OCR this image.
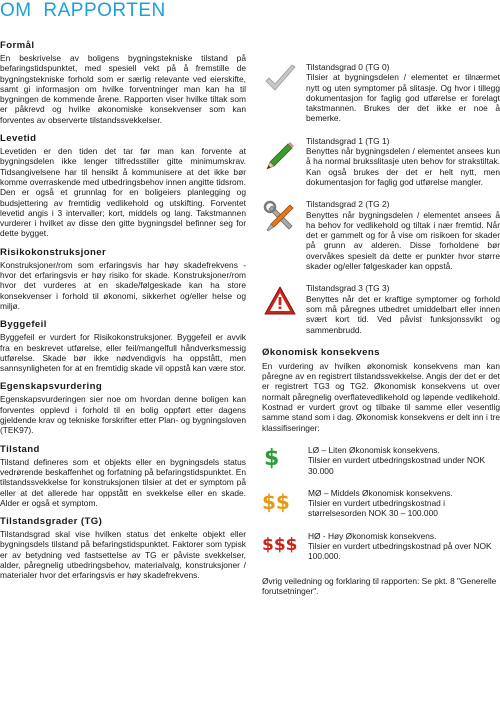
OM RAPPORTEN
Formål

En beskrivelse av boligens bygningstekniske tilstand på befaringstidspunktet, med spesiell vekt på å fremstille de bygningstekniske forhold som er særlig relevante ved eierskifte, samt gi informasjon om hvilke forventninger man kan ha til bygningen de kommende årene. Rapporten viser hvilke tiltak som er påkrevd og hvilke økonomiske konsekvenser som kan forventes av observerte tilstandssvekkelser.

Levetid

Levetiden er den tiden det tar før man kan forvente at bygningsdelen ikke lenger tilfredsstiller gitte minimumskrav. Tidsangivelsene har til hensikt å kommunisere at det ikke bør komme overraskende med utbedringsbehov innen angitte tidsrom. Den er også et grunnlag for en boligeiers planlegging og budsjettering av fremtidig vedlikehold og utskifting. Forventet levetid angis i 3 intervaller; kort, middels og lang. Takstmannen vurderer i hvilket av disse den gitte bygningsdel befinner seg for dette bygget.

Risikokonstruksjoner

Konstruksjoner/rom som erfaringsvis har høy skadefrekvens - hvor det erfaringsvis er høy risiko for skade. Konstruksjoner/rom hvor det vurderes at en skade/følgeskade kan ha store konsekvenser i forhold til økonomi, sikkerhet og/eller helse og miljø.

Byggefeil

Byggefeil er vurdert for Risikokonstruksjoner. Byggefeil er avvik fra en beskrevet utførelse, eller feil/mangelfull håndverksmessig utførelse. Skade bør ikke nødvendigvis ha oppstått, men sannsynligheten for at en fremtidig skade vil oppstå kan være stor.

Egenskapsvurdering

Egenskapsvurderingen sier noe om hvordan denne boligen kan forventes opplevd i forhold til en bolig oppført etter dagens gjeldende krav og tekniske forskrifter etter Plan- og bygningsloven (TEK97).

Tilstand

Tilstand defineres som et objekts eller en bygningsdels status vedrørende beskaffenhet og forfatning på befaringstidspunktet. En tilstandssvekkelse for konstruksjonen tilsier at det er symptom på eller at det allerede har oppstått en svekkelse eller en skade. Alder er også et symptom.

Tilstandsgrader (TG)

Tilstandsgrad skal vise hvilken status det enkelte objekt eller bygningsdels tilstand på befaringstidspunktet. Faktorer som typisk er av betydning ved fastsettelse av TG er påviste svekkelser, alder, påregnelig utbedringsbehov, materialvalg, konstruksjoner / materialer hvor det erfaringsvis er høy skadefrekvens.

Tilstandsgrad 0 (TG 0)

Tilsier at bygningsdelen / elementet er tilnærmet nytt og uten symptomer på slitasje. Og hvor i tillegg dokumentasjon for faglig god utførelse er forelagt takstmannen. Brukes der det ikke er noe å bemerke.

Tilstandsgrad 1 (TG 1)

Benyttes når bygningsdelen / elementet ansees kun å ha normal bruksslitasje uten behov for strakstiltak. Kan også brukes der det er helt nytt, men dokumentasjon for faglig god utførelse mangler.

Tilstandsgrad 2 (TG 2)

Benyttes når bygningsdelen / elementet ansees å ha behov for vedlikehold og tiltak i nær fremtid. Når det er gammelt og for å vise om risikoen for skader på grunn av alderen. Disse forholdene bør overvåkes spesielt da dette er punkter hvor større skader og/eller følgeskader kan oppstå.

Tilstandsgrad 3 (TG 3)

Benyttes når det er kraftige symptomer og forhold som må påregnes utbedret umiddelbart eller innen svært kort tid. Ved påvist funksjonssvikt og sammenbrudd.

Økonomisk konsekvens

En vurdering av hvilken økonomisk konsekvens man kan påregne av en registrert tilstandssvekkelse. Angis der det er det er registrert TG3 og TG2. Økonomisk konsekvens ut over normalt påregnelig overflatevedlikehold og løpende vedlikehold. Kostnad er vurdert grovt og tilbake til samme eller vesentlig samme stand som i dag. Økonomisk konsekvens er delt inn i tre klassifiseringer:

$	LØ – Liten Økonomisk konsekvens.

Tilsier en vurdert utbedringskostnad under NOK 30.000

$$ MØ – Middels Økonomisk konsekvens.

Tilsier en vurdert utbedringskostnad i størrelsesorden NOK 30 – 100.000

$$$ HØ - Høy Økonomisk konsekvens.

Tilsier en vurdert utbedringskostnad på over NOK 100.000.

Øvrig veiledning og forklaring til rapporten: Se pkt. 8 "Generelle forutsetninger".
